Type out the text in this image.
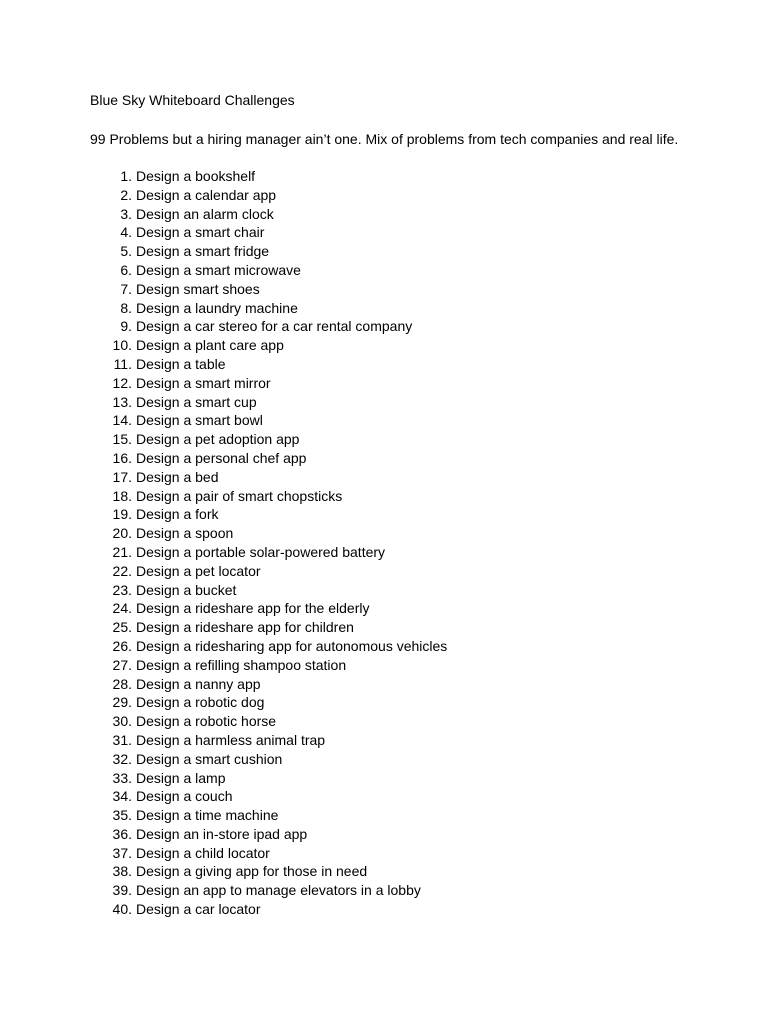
Blue Sky Whiteboard Challenges
99 Problems but a hiring manager ain’t one. Mix of problems from tech companies and real life.
1. Design a bookshelf
2. Design a calendar app
3. Design an alarm clock
4. Design a smart chair
5. Design a smart fridge
6. Design a smart microwave
7. Design smart shoes
8. Design a laundry machine
9. Design a car stereo for a car rental company
10. Design a plant care app
11. Design a table
12. Design a smart mirror
13. Design a smart cup
14. Design a smart bowl
15. Design a pet adoption app
16. Design a personal chef app
17. Design a bed
18. Design a pair of smart chopsticks
19. Design a fork
20. Design a spoon
21. Design a portable solar-powered battery
22. Design a pet locator
23. Design a bucket
24. Design a rideshare app for the elderly
25. Design a rideshare app for children
26. Design a ridesharing app for autonomous vehicles
27. Design a refilling shampoo station
28. Design a nanny app
29. Design a robotic dog
30. Design a robotic horse
31. Design a harmless animal trap
32. Design a smart cushion
33. Design a lamp
34. Design a couch
35. Design a time machine
36. Design an in-store ipad app
37. Design a child locator
38. Design a giving app for those in need
39. Design an app to manage elevators in a lobby
40. Design a car locator
